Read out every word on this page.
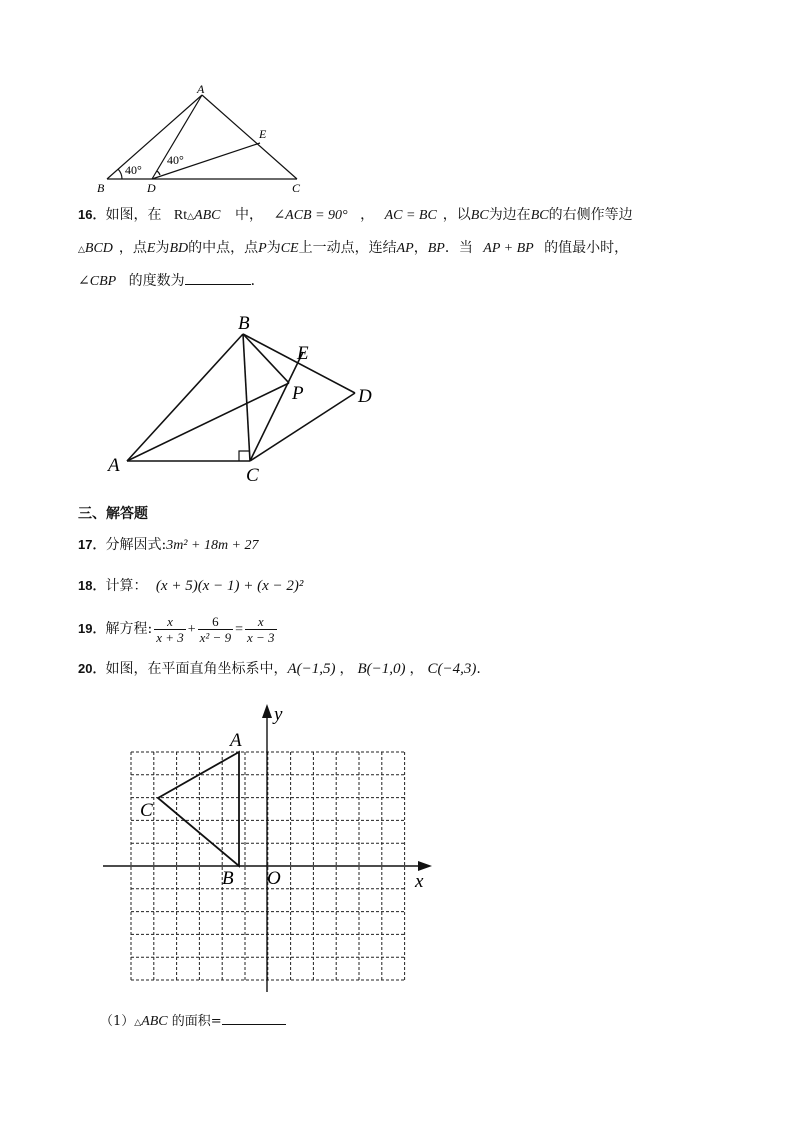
A
B	D	C
E
40°
40°
16．如图，在 Rt△ABC 中， ∠ACB = 90° ， AC = BC ，以BC为边在BC的右侧作等边
△BCD ，点E为BD的中点，点P为CE上一动点，连结AP，BP．当 AP + BP 的值最小时，
∠CBP 的度数为	．
B
E
P	D
A	C
三、解答题
17．分解因式:3m² + 18m + 27
18．计算： (x + 5)(x − 1) + (x − 2)²
19．解方程: $\frac{x}{x + 3} + \frac{6}{\text{x² − 9}} = \frac{x}{x - 3}$
20．如图，在平面直角坐标系中，A(−1,5) ， B(−1,0) ， C(−4,3).
y
x
A
C
B O
（1）△ABC 的面积=
